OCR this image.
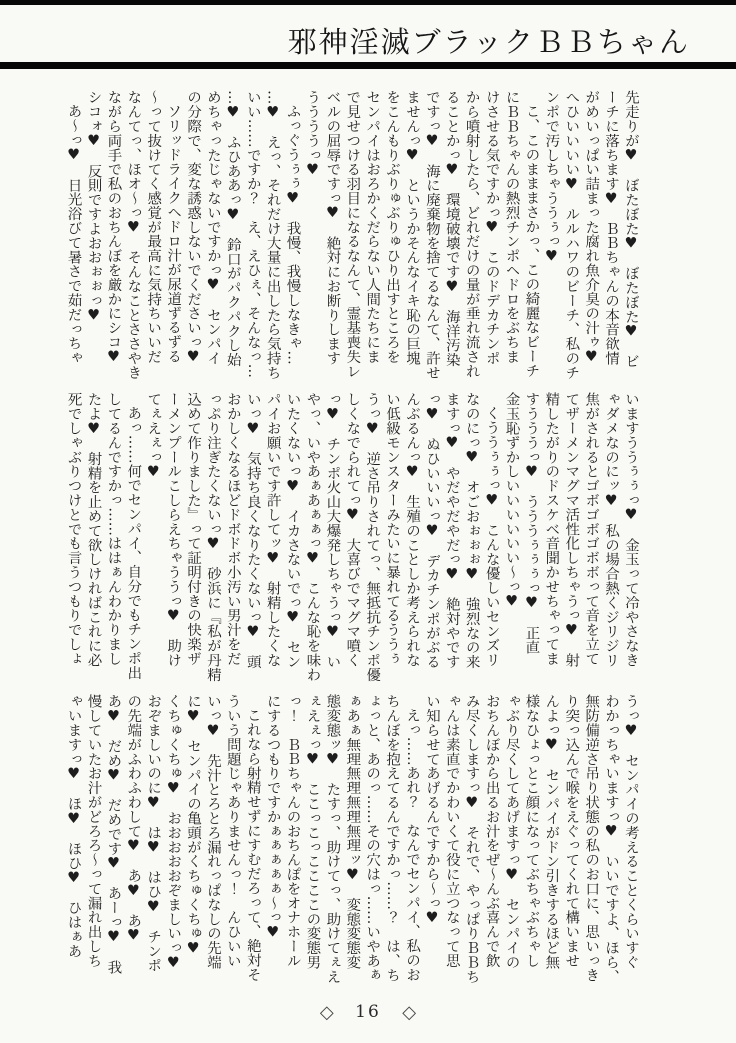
邪神淫滅ブラックＢＢちゃん
先走りが♥　ぼたぼた♥　ぼたぼた♥　ビ
ーチに落ちます♥　ＢＢちゃんの本音欲情
がめいっぱい詰まった腐れ魚介臭の汁ゥ♥
へひいいいい♥　ルルハワのビーチ、私のチ
ンポで汚しちゃううぅっ♥
こ、このまままさかっ、この綺麗なビーチ
にＢＢちゃんの熱烈チンポヘドロをぶちま
けさせる気ですかっ♥　このドデカチンポ
から噴射したら、どれだけの量が垂れ流され
ることかっ♥　環境破壊です♥　海洋汚染
ですっ♥　海に廃棄物を捨てるなんて、許せ
ませんっ♥　というかそんなイキ恥の巨塊
をこんもりぶりゅぶりゅひり出すところを
センパイはおろかくだらない人間たちにま
で見せつける羽目になるなんて、霊基喪失レ
ベルの屈辱ですっ♥　絶対にお断りします
ううううっ♥
ふっぐうぅぅ♥　我慢、我慢しなきゃ…
…♥　えっ、それだけ大量に出したら気持ち
いい……ですか？　え、えひぇ、そんなっ…
…♥　ふひああっ♥　鈴口がパクパクし始
めちゃったじゃないですかっ♥　センパイ
の分際で、変な誘惑しないでくださいっ♥
ソリッドライクヘドロ汁が尿道ずるずる
～って抜けてく感覚が最高に気持ちいいだ
なんてっ、ほオ～っ♥　そんなことささやき
ながら両手で私のおちんぼを厳かにシコ♥
シコォ♥　反則ですよおおぉぉっ♥
あ～っ♥　日光浴びて暑さで茹だっちゃ
いますううぅぅっ♥　金玉って冷やさなき
ゃダメなのにッ♥　私の場合熱くジリジリ
焦がされるとゴボゴボゴボボって音を立て
てザーメンマグマ活性化しちゃうっ♥　射
精したがりのドスケベ音聞かせちゃってま
すうううっ♥　うううぅぅぅっ♥　正直
金玉恥ずかしいいいいいい～っ♥
くううぅぅっ♥　こんな優しいセンズリ
なのにっ♥　オごおぉぉぉ♥　強烈なの来
ますっ♥　やだやだやだっ♥　絶対やです
っ♥　ぬひいいいっ♥　デカチンポがぶる
んぶるんっ♥　生殖のことしか考えられな
い低級モンスターみたいに暴れてるううぅ
うっ♥　逆さ吊りされてっ、無抵抗チンポ優
しくなでられてっ♥　大喜びでマグマ噴く
っ♥　チンポ火山大爆発しちゃうっ♥　い
やっ、いやあぁあぁぁっ♥　こんな恥を味わ
いたくないっ♥　イカさないでっ♥　セン
パイお願いです許してッ♥　射精したくな
いっ♥　気持ち良くなりたくないっ♥　頭
おかしくなるほどドボドボ小汚い男汁をだ
っぷり注ぎたくないっ♥　砂浜に『私が丹精
込めて作りました』って証明付きの快楽ザ
ーメンプールこしらえちゃううっ♥　助け
てぇえぇっ♥
あっ……何でセンパイ、自分でもチンポ出
してるんですかっ……ははぁんわかりまし
たよ♥　射精を止めて欲しければこれに必
死でしゃぶりつけとでも言うつもりでしょ
うっ♥　センパイの考えることくらいすぐ
わかっちゃいますっ♥　いいですよ、ほら、
無防備逆さ吊り状態の私のお口に、思いっき
り突っ込んで喉をえぐってくれて構いませ
んよっ♥　センパイがドン引きするほど無
様なひょっとこ顔になってぶちゃぶちゃし
ゃぶり尽くしてあげますっ♥　センパイの
おちんぼから出るお汁をぜ～んぶ喜んで飲
み尽くしますっ♥　それで、やっぱりＢＢち
ゃんは素直でかわいくて役に立つなって思
い知らせてあげるんですから～っ♥
えっ……あれ？　なんでセンパイ、私のお
ちんぼを抱えてるんですかっ……？　は、ち
ょっと、あのっ……その穴はっ……いやあぁ
ぁあぁ無理無理無理無理ッ♥　変態変態変
態変態ッ♥　たすっ、助けてっ、助けてぇえ
ぇえぇっ♥　ここっこっここここの変態男
っ！　ＢＢちゃんのおちんぽをオナホール
にするつもりですかぁぁぁぁぁ～っ♥
これなら射精せずにすむだろって、絶対そ
ういう問題じゃありませんっ！　んひいい
いっ♥　先汁とろとろ漏れっぱなしの先端
に♥　センパイの亀頭がくちゅくちゅ♥
くちゅくちゅ♥　おおおおおぞましいっ♥
おぞましいのに♥　は♥　はひ♥　チンポ
の先端がふわふわして♥　あ♥　あ♥
あ♥　だめ♥　だめです♥　あーっ♥　我
慢していたお汁がどろろ～って漏れ出しち
ゃいますっ♥　ほ♥　ほひ♥　ひはぁあ
◇ 16 ◇
